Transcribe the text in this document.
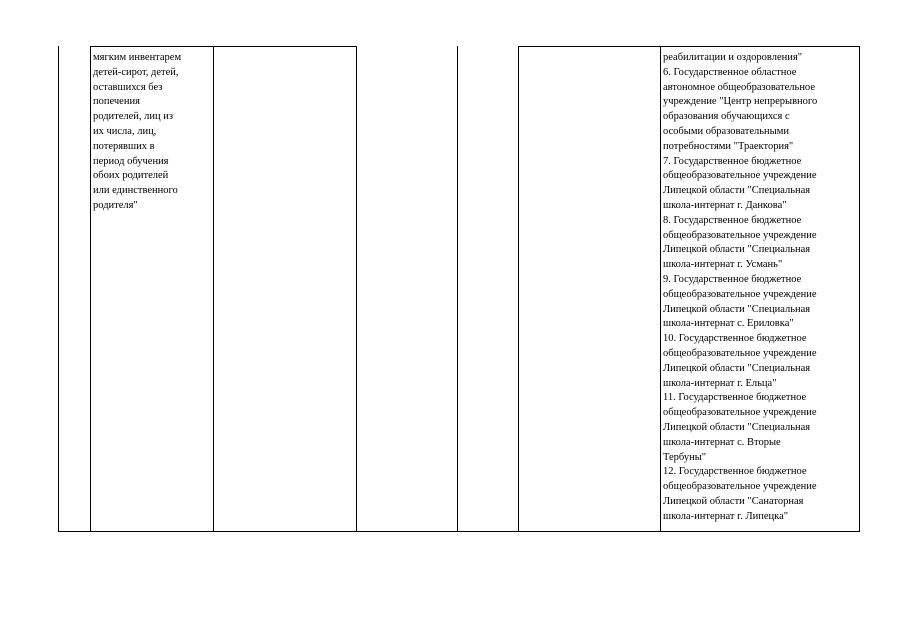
мягким инвентарем
детей-сирот, детей,
оставшихся без
попечения
родителей, лиц из
их числа, лиц,
потерявших в
период обучения
обоих родителей
или единственного
родителя"
реабилитации и оздоровления"
6. Государственное областное
автономное общеобразовательное
учреждение "Центр непрерывного
образования обучающихся с
особыми образовательными
потребностями "Траектория"
7. Государственное бюджетное
общеобразовательное учреждение
Липецкой области "Специальная
школа-интернат г. Данкова"
8. Государственное бюджетное
общеобразовательное учреждение
Липецкой области "Специальная
школа-интернат г. Усмань"
9. Государственное бюджетное
общеобразовательное учреждение
Липецкой области "Специальная
школа-интернат с. Ериловка"
10. Государственное бюджетное
общеобразовательное учреждение
Липецкой области "Специальная
школа-интернат г. Ельца"
11. Государственное бюджетное
общеобразовательное учреждение
Липецкой области "Специальная
школа-интернат с. Вторые
Тербуны"
12. Государственное бюджетное
общеобразовательное учреждение
Липецкой области "Санаторная
школа-интернат г. Липецка"
